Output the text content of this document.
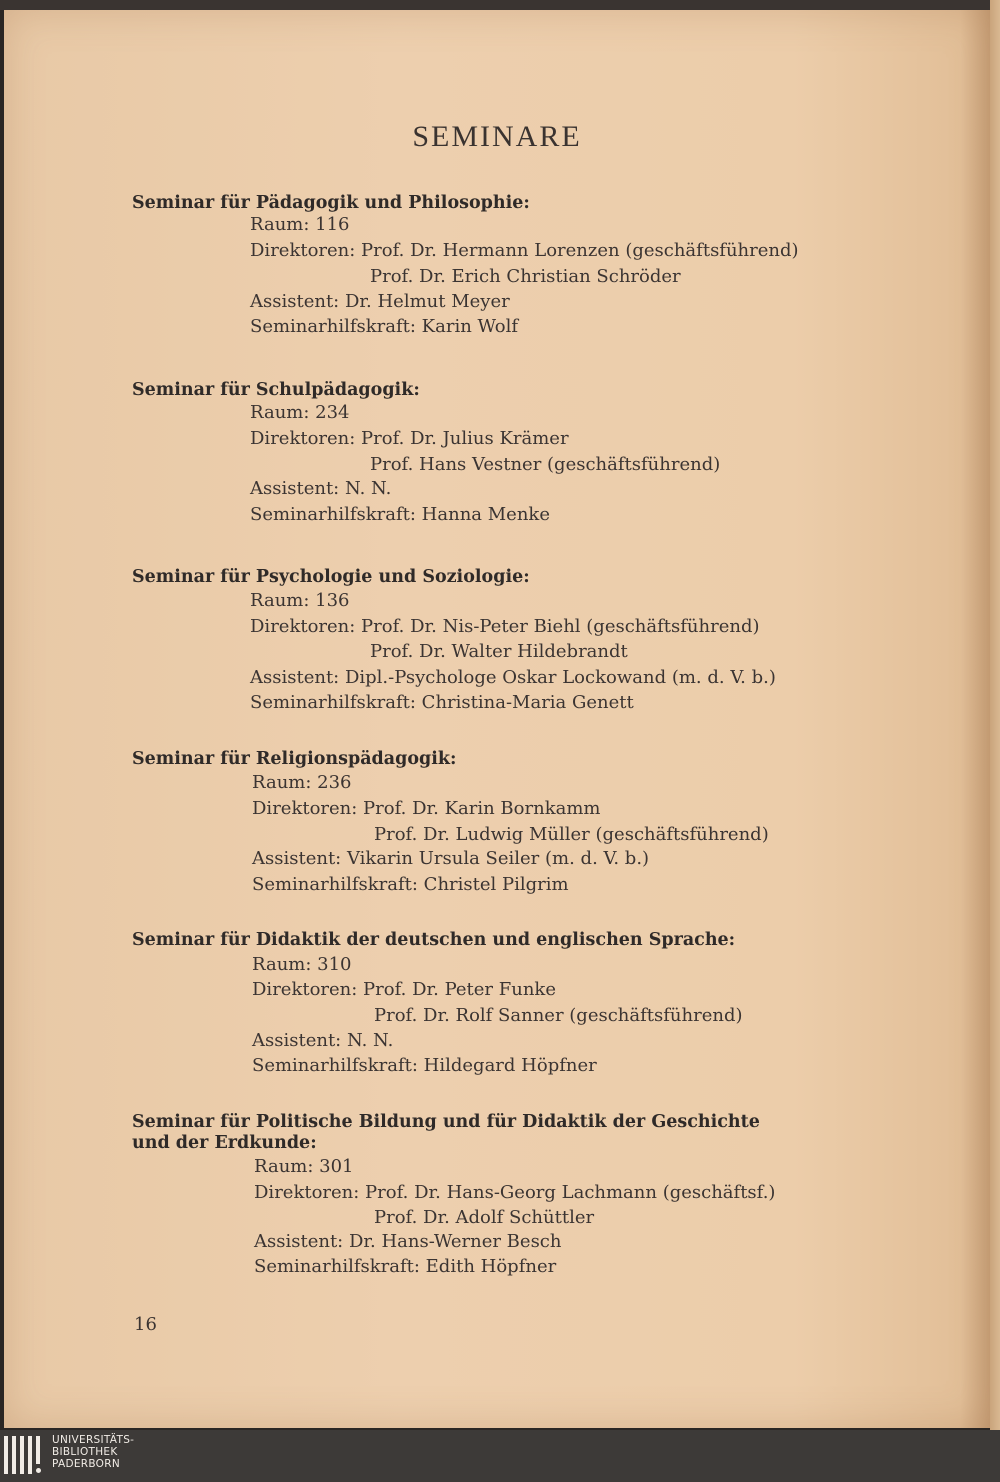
SEMINARE
Seminar für Pädagogik und Philosophie:
Raum: 116
Direktoren: Prof. Dr. Hermann Lorenzen (geschäftsführend)
Prof. Dr. Erich Christian Schröder
Assistent: Dr. Helmut Meyer
Seminarhilfskraft: Karin Wolf
Seminar für Schulpädagogik:
Raum: 234
Direktoren: Prof. Dr. Julius Krämer
Prof. Hans Vestner (geschäftsführend)
Assistent: N. N.
Seminarhilfskraft: Hanna Menke
Seminar für Psychologie und Soziologie:
Raum: 136
Direktoren: Prof. Dr. Nis-Peter Biehl (geschäftsführend)
Prof. Dr. Walter Hildebrandt
Assistent: Dipl.-Psychologe Oskar Lockowand (m. d. V. b.)
Seminarhilfskraft: Christina-Maria Genett
Seminar für Religionspädagogik:
Raum: 236
Direktoren: Prof. Dr. Karin Bornkamm
Prof. Dr. Ludwig Müller (geschäftsführend)
Assistent: Vikarin Ursula Seiler (m. d. V. b.)
Seminarhilfskraft: Christel Pilgrim
Seminar für Didaktik der deutschen und englischen Sprache:
Raum: 310
Direktoren: Prof. Dr. Peter Funke
Prof. Dr. Rolf Sanner (geschäftsführend)
Assistent: N. N.
Seminarhilfskraft: Hildegard Höpfner
Seminar für Politische Bildung und für Didaktik der Geschichte
und der Erdkunde:
Raum: 301
Direktoren: Prof. Dr. Hans-Georg Lachmann (geschäftsf.)
Prof. Dr. Adolf Schüttler
Assistent: Dr. Hans-Werner Besch
Seminarhilfskraft: Edith Höpfner
16
UNIVERSITÄTS-
BIBLIOTHEK
PADERBORN
